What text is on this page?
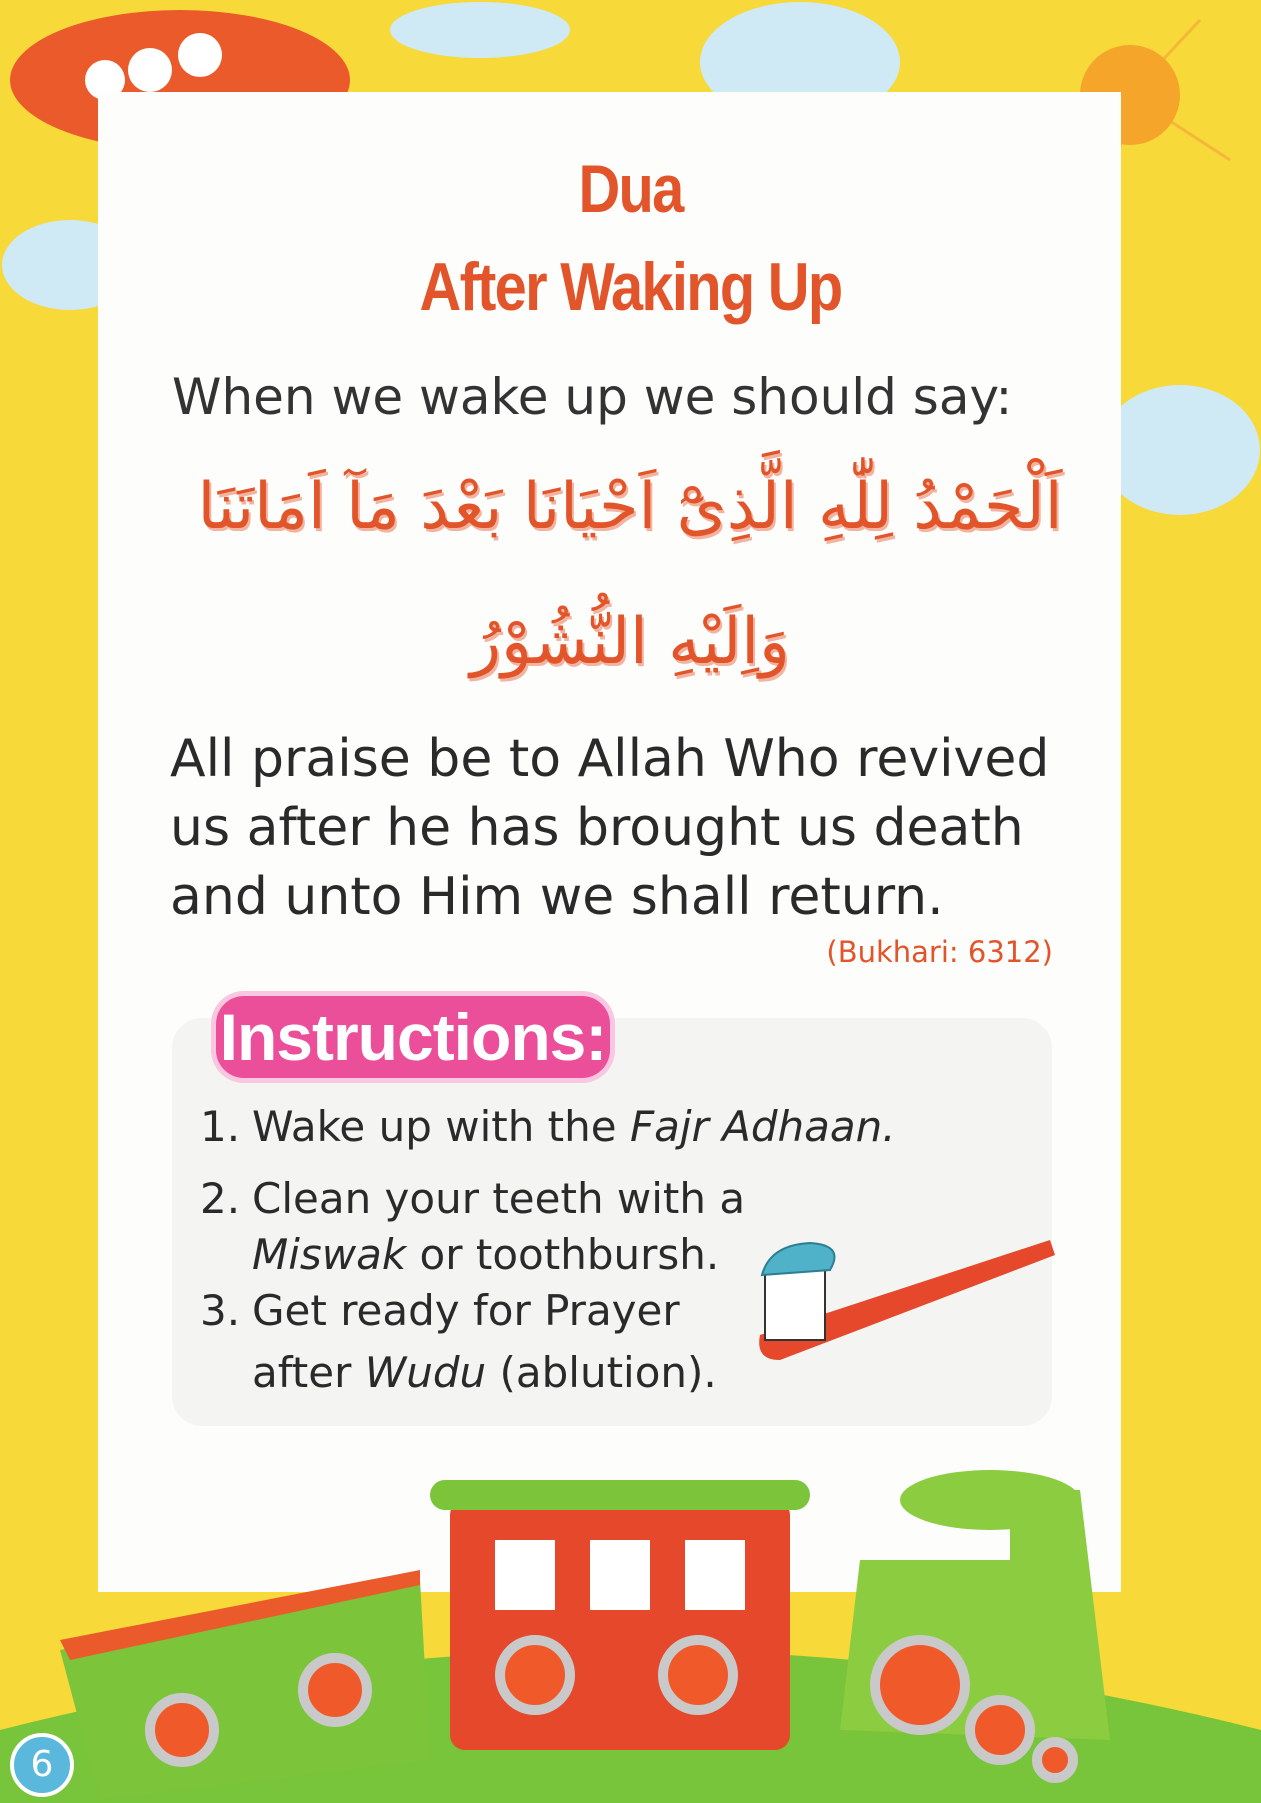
Dua
After Waking Up
When we wake up we should say:
اَلْحَمْدُ لِلّٰهِ الَّذِىْٓ اَحْيَانَا بَعْدَ مَآ اَمَاتَنَا
وَاِلَيْهِ النُّشُوْرُ
All praise be to Allah Who revived
us after he has brought us death
and unto Him we shall return.
(Bukhari: 6312)
Instructions:
1. Wake up with the Fajr Adhaan.
2. Clean your teeth with a
Miswak or toothbursh.
3. Get ready for Prayer
after Wudu (ablution).
6
